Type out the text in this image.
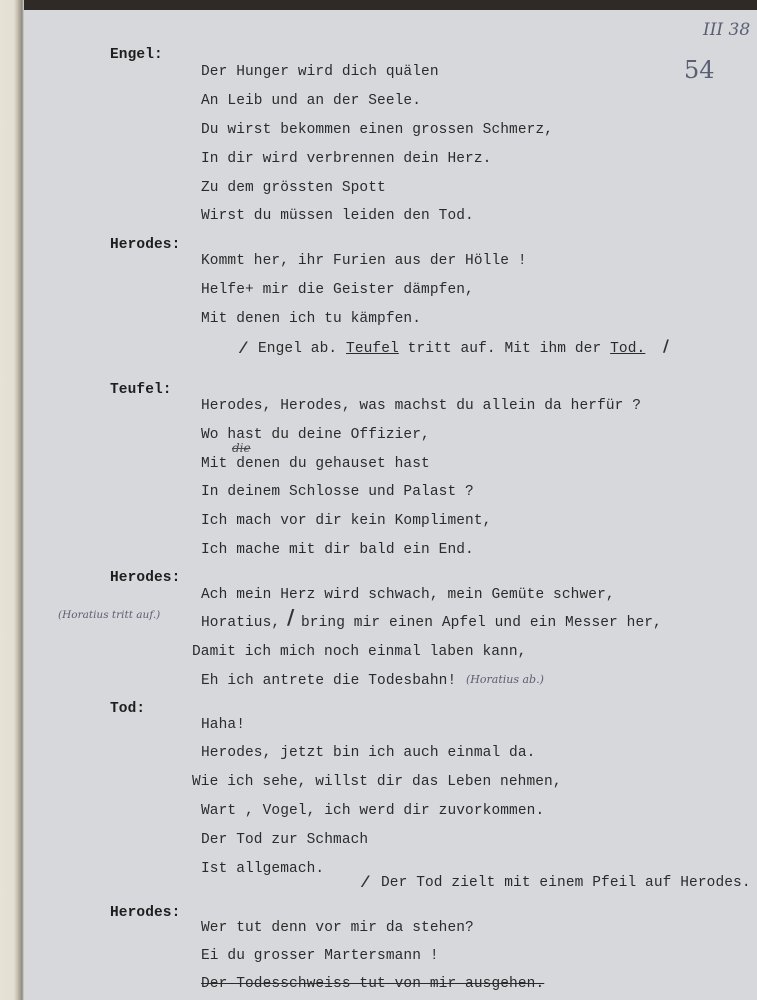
III 38
54
Engel:
Der Hunger wird dich quälen
An Leib und an der Seele.
Du wirst bekommen einen grossen Schmerz,
In dir wird verbrennen dein Herz.
Zu dem grössten Spott
Wirst du müssen leiden den Tod.
Herodes:
Kommt her, ihr Furien aus der Hölle !
Helfe+ mir die Geister dämpfen,
Mit denen ich tu kämpfen.
⁄ Engel ab. Teufel tritt auf. Mit ihm der Tod. /
Teufel:
Herodes, Herodes, was machst du allein da herfür ?
die
Wo hast du deine Offizier,
Mit denen du gehauset hast
In deinem Schlosse und Palast ?
Ich mach vor dir kein Kompliment,
Ich mache mit dir bald ein End.
Herodes:
Ach mein Herz wird schwach, mein Gemüte schwer,
(Horatius tritt auf.)	Horatius, / bring mir einen Apfel und ein Messer her,
Damit ich mich noch einmal laben kann,
Eh ich antrete die Todesbahn! (Horatius ab.)
Tod:
Haha!
Herodes, jetzt bin ich auch einmal da.
Wie ich sehe, willst dir das Leben nehmen,
Wart , Vogel, ich werd dir zuvorkommen.
Der Tod zur Schmach
Ist allgemach.
⁄ Der Tod zielt mit einem Pfeil auf Herodes.
Herodes:
Wer tut denn vor mir da stehen?
Ei du grosser Martersmann !
Der Todesschweiss tut von mir ausgehen.
